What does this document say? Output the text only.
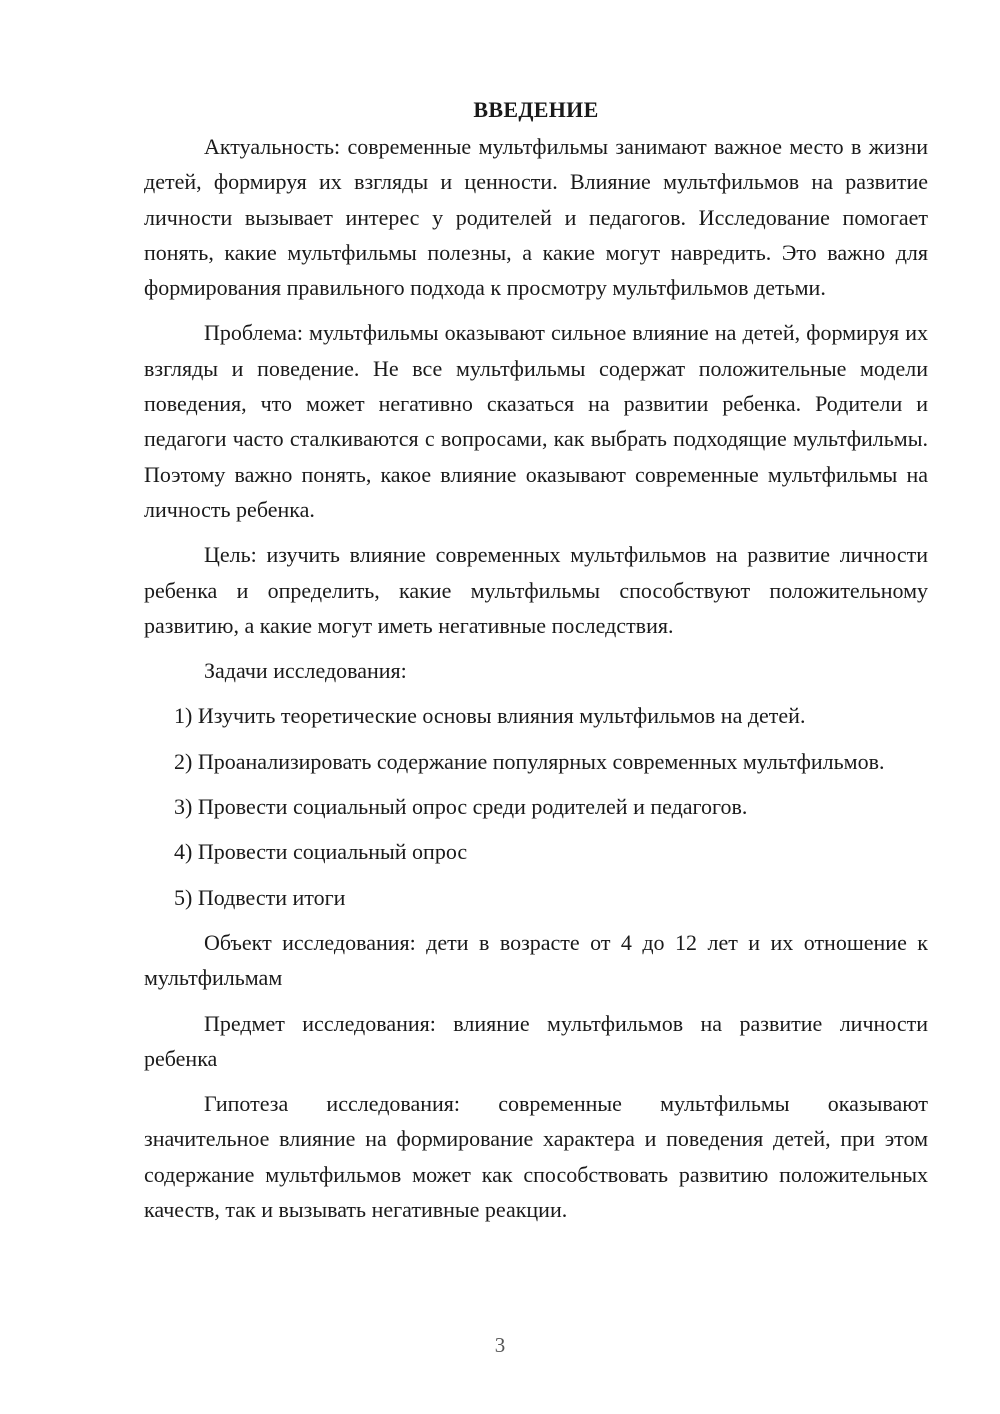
ВВЕДЕНИЕ

Актуальность: современные мультфильмы занимают важное место в жизни детей, формируя их взгляды и ценности. Влияние мультфильмов на развитие личности вызывает интерес у родителей и педагогов. Исследование помогает понять, какие мультфильмы полезны, а какие могут навредить. Это важно для формирования правильного подхода к просмотру мультфильмов детьми.

Проблема: мультфильмы оказывают сильное влияние на детей, формируя их взгляды и поведение. Не все мультфильмы содержат положительные модели поведения, что может негативно сказаться на развитии ребенка. Родители и педагоги часто сталкиваются с вопросами, как выбрать подходящие мультфильмы. Поэтому важно понять, какое влияние оказывают современные мультфильмы на личность ребенка.

Цель: изучить влияние современных мультфильмов на развитие личности ребенка и определить, какие мультфильмы способствуют положительному развитию, а какие могут иметь негативные последствия.

Задачи исследования:

1) Изучить теоретические основы влияния мультфильмов на детей.

2) Проанализировать содержание популярных современных мультфильмов.

3) Провести социальный опрос среди родителей и педагогов.

4) Провести социальный опрос

5) Подвести итоги

Объект исследования: дети в возрасте от 4 до 12 лет и их отношение к мультфильмам

Предмет исследования: влияние мультфильмов на развитие личности ребенка

Гипотеза исследования: современные мультфильмы оказывают значительное влияние на формирование характера и поведения детей, при этом содержание мультфильмов может как способствовать развитию положительных качеств, так и вызывать негативные реакции.

3
